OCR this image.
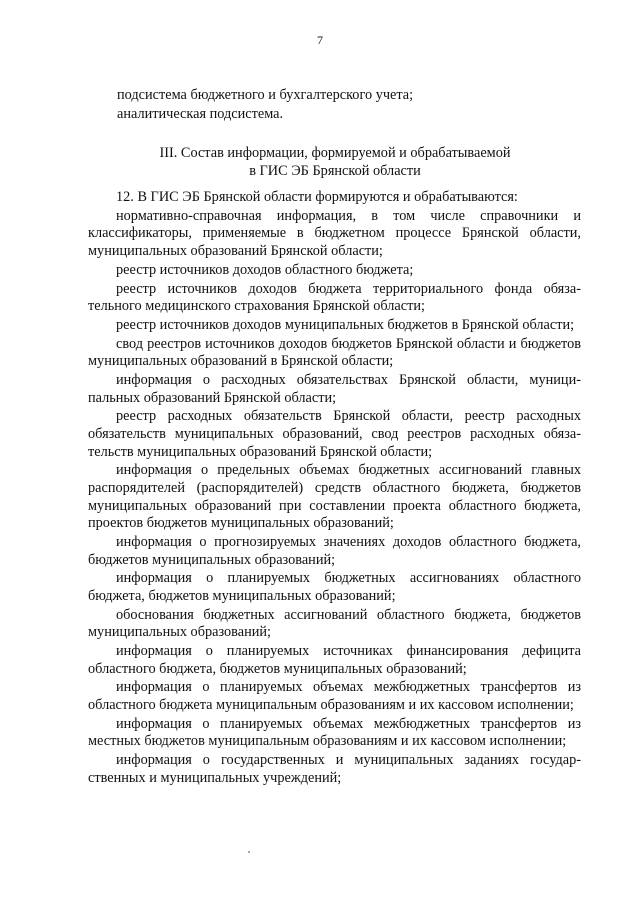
7
подсистема бюджетного и бухгалтерского учета;
аналитическая подсистема.
III. Состав информации, формируемой и обрабатываемой
в ГИС ЭБ Брянской области

12. В ГИС ЭБ Брянской области формируются и обрабатываются:

нормативно-справочная информация, в том числе справочники и классификаторы, применяемые в бюджетном процессе Брянской области, муниципальных образований Брянской области;

реестр источников доходов областного бюджета;

реестр источников доходов бюджета территориального фонда обязательного медицинского страхования Брянской области;

реестр источников доходов муниципальных бюджетов в Брянской области;

свод реестров источников доходов бюджетов Брянской области и бюджетов муниципальных образований в Брянской области;

информация о расходных обязательствах Брянской области, муниципальных образований Брянской области;

реестр расходных обязательств Брянской области, реестр расходных обязательств муниципальных образований, свод реестров расходных обязательств муниципальных образований Брянской области;

информация о предельных объемах бюджетных ассигнований главных распорядителей (распорядителей) средств областного бюджета, бюджетов муниципальных образований при составлении проекта областного бюджета, проектов бюджетов муниципальных образований;

информация о прогнозируемых значениях доходов областного бюджета, бюджетов муниципальных образований;

информация о планируемых бюджетных ассигнованиях областного бюджета, бюджетов муниципальных образований;

обоснования бюджетных ассигнований областного бюджета, бюджетов муниципальных образований;

информация о планируемых источниках финансирования дефицита областного бюджета, бюджетов муниципальных образований;

информация о планируемых объемах межбюджетных трансфертов из областного бюджета муниципальным образованиям и их кассовом исполнении;

информация о планируемых объемах межбюджетных трансфертов из местных бюджетов муниципальным образованиям и их кассовом исполнении;

информация о государственных и муниципальных заданиях государственных и муниципальных учреждений;
